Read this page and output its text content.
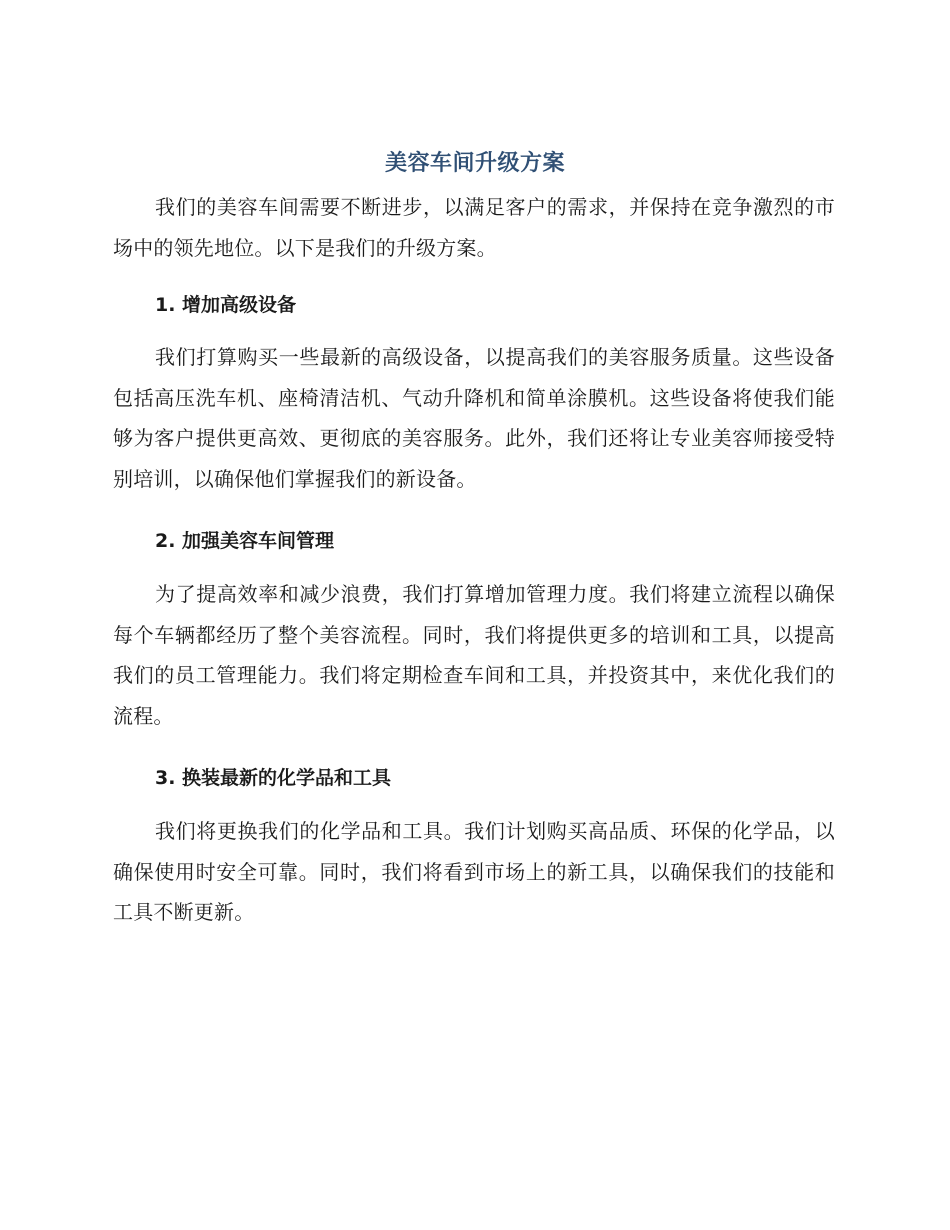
美容车间升级方案

我们的美容车间需要不断进步，以满足客户的需求，并保持在竞争激烈的市场中的领先地位。以下是我们的升级方案。

1. 增加高级设备

我们打算购买一些最新的高级设备，以提高我们的美容服务质量。这些设备包括高压洗车机、座椅清洁机、气动升降机和简单涂膜机。这些设备将使我们能够为客户提供更高效、更彻底的美容服务。此外，我们还将让专业美容师接受特别培训，以确保他们掌握我们的新设备。

2. 加强美容车间管理

为了提高效率和减少浪费，我们打算增加管理力度。我们将建立流程以确保每个车辆都经历了整个美容流程。同时，我们将提供更多的培训和工具，以提高我们的员工管理能力。我们将定期检查车间和工具，并投资其中，来优化我们的流程。

3. 换装最新的化学品和工具

我们将更换我们的化学品和工具。我们计划购买高品质、环保的化学品，以确保使用时安全可靠。同时，我们将看到市场上的新工具，以确保我们的技能和工具不断更新。
